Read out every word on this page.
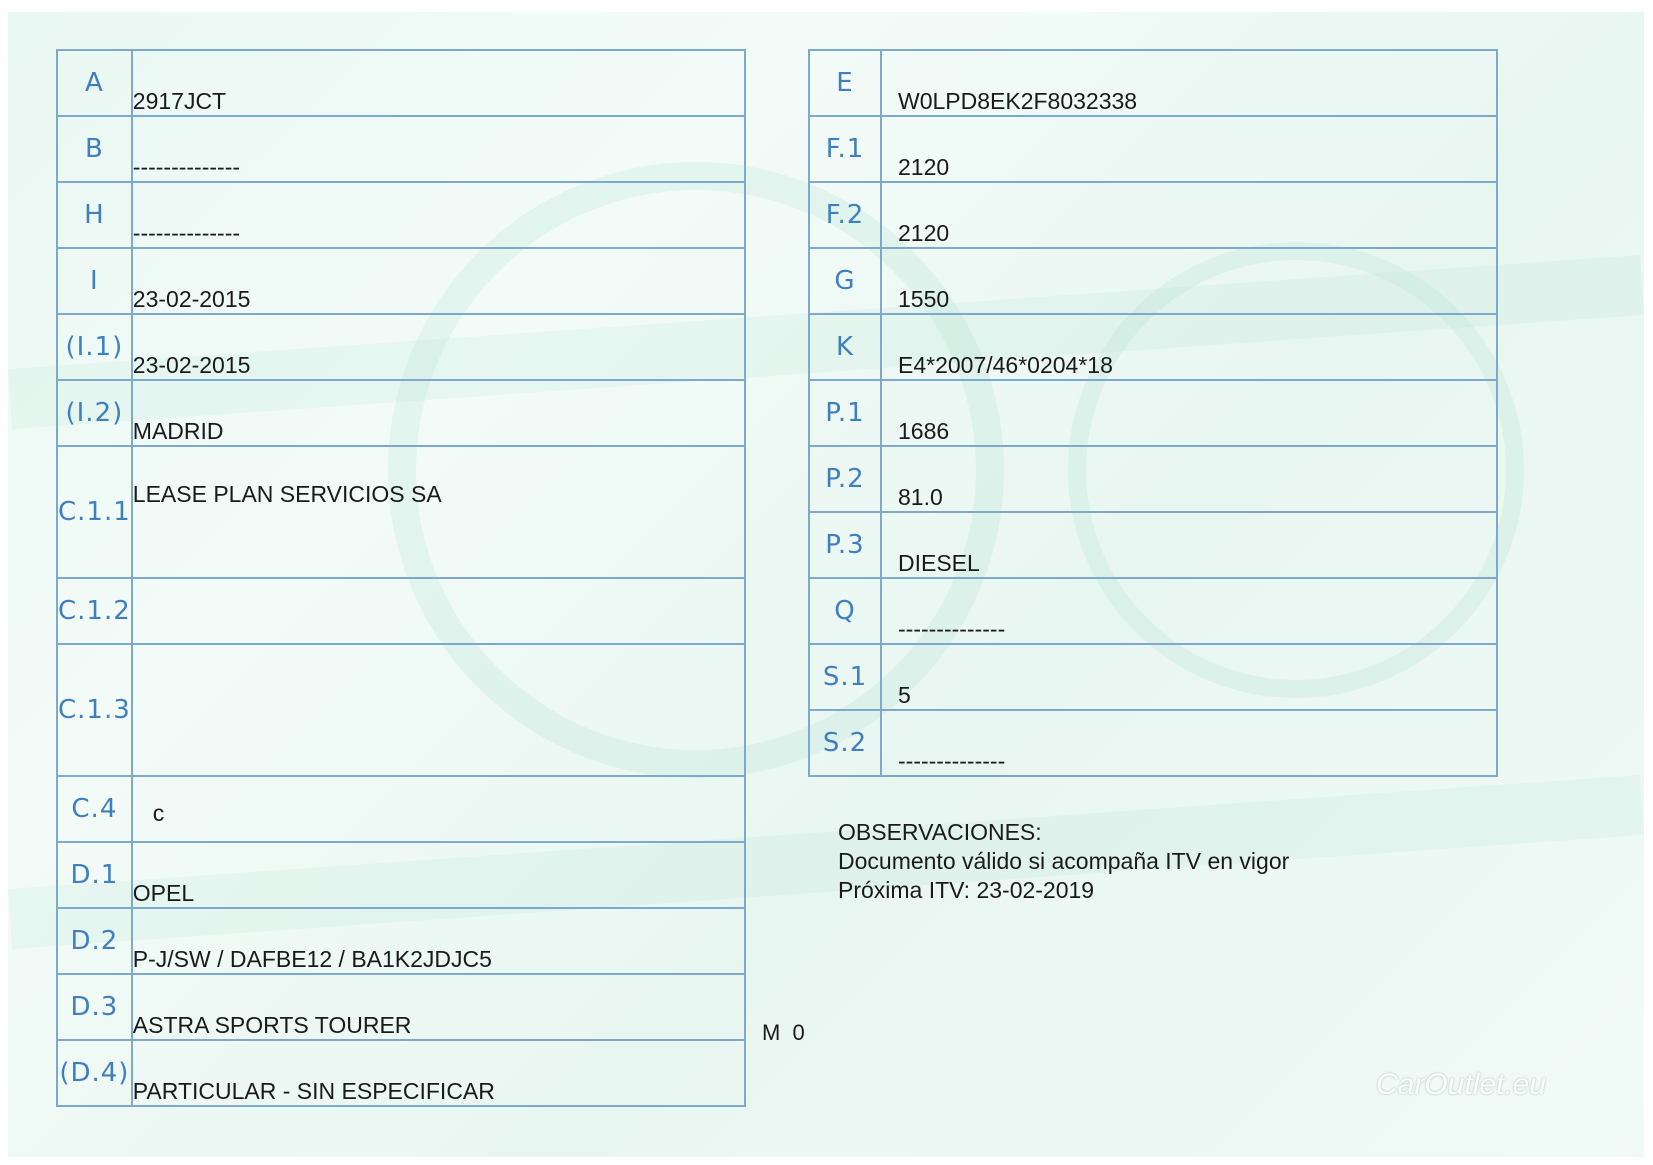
A	2917JCT
B	--------------
H	--------------
I	23-02-2015
(I.1)	23-02-2015
(I.2)	MADRID
C.1.1	LEASE PLAN SERVICIOS SA
C.1.2	
C.1.3	
C.4	c
D.1	OPEL
D.2	P-J/SW / DAFBE12 / BA1K2JDJC5
D.3	ASTRA SPORTS TOURER
(D.4)	PARTICULAR - SIN ESPECIFICAR
E	W0LPD8EK2F8032338
F.1	2120
F.2	2120
G	1550
K	E4*2007/46*0204*18
P.1	1686
P.2	81.0
P.3	DIESEL
Q	--------------
S.1	5
S.2	--------------
OBSERVACIONES:
Documento válido si acompaña ITV en vigor
Próxima ITV: 23-02-2019
M 0
CarOutlet.eu
